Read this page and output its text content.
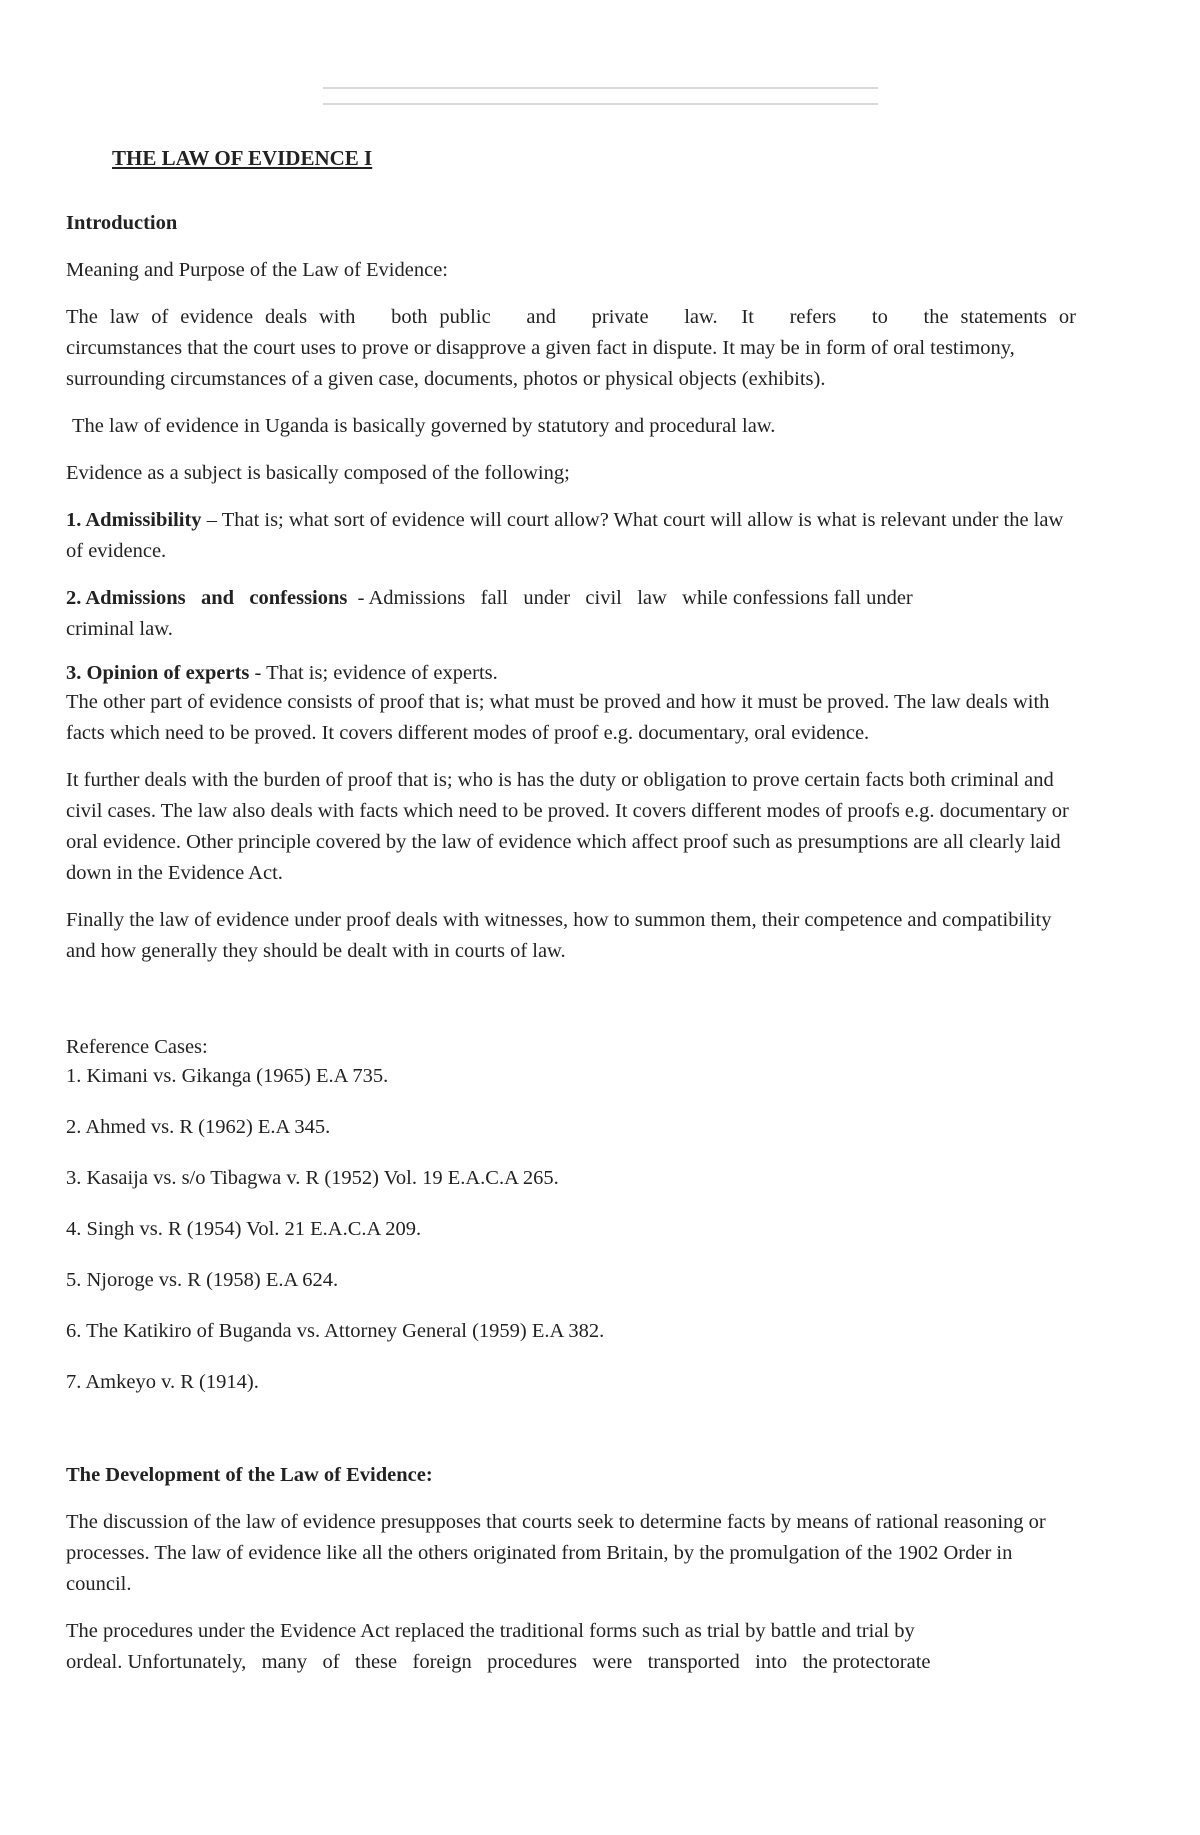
THE LAW OF EVIDENCE I

Introduction

Meaning and Purpose of the Law of Evidence:

The law of evidence deals with   both public   and   private   law.  It   refers   to   the statements or
circumstances that the court uses to prove or disapprove a given fact in dispute. It may be in form of oral testimony, surrounding circumstances of a given case, documents, photos or physical objects (exhibits).

The law of evidence in Uganda is basically governed by statutory and procedural law.

Evidence as a subject is basically composed of the following;

1. Admissibility – That is; what sort of evidence will court allow? What court will allow is what is relevant under the law of evidence.

2. Admissions   and   confessions  - Admissions   fall   under   civil   law   while confessions fall under
criminal law.

3. Opinion of experts - That is; evidence of experts.

The other part of evidence consists of proof that is; what must be proved and how it must be proved. The law deals with facts which need to be proved. It covers different modes of proof e.g. documentary, oral evidence.

It further deals with the burden of proof that is; who is has the duty or obligation to prove certain facts both criminal and civil cases. The law also deals with facts which need to be proved. It covers different modes of proofs e.g. documentary or oral evidence. Other principle covered by the law of evidence which affect proof such as presumptions are all clearly laid down in the Evidence Act.

Finally the law of evidence under proof deals with witnesses, how to summon them, their competence and compatibility and how generally they should be dealt with in courts of law.

Reference Cases:

1. Kimani vs. Gikanga (1965) E.A 735.

2. Ahmed vs. R (1962) E.A 345.

3. Kasaija vs. s/o Tibagwa v. R (1952) Vol. 19 E.A.C.A 265.

4. Singh vs. R (1954) Vol. 21 E.A.C.A 209.

5. Njoroge vs. R (1958) E.A 624.

6. The Katikiro of Buganda vs. Attorney General (1959) E.A 382.

7. Amkeyo v. R (1914).

The Development of the Law of Evidence:

The discussion of the law of evidence presupposes that courts seek to determine facts by means of rational reasoning or processes. The law of evidence like all the others originated from Britain, by the promulgation of the 1902 Order in council.

The procedures under the Evidence Act replaced the traditional forms such as trial by battle and trial by
ordeal. Unfortunately,   many   of   these   foreign   procedures   were   transported   into   the protectorate
